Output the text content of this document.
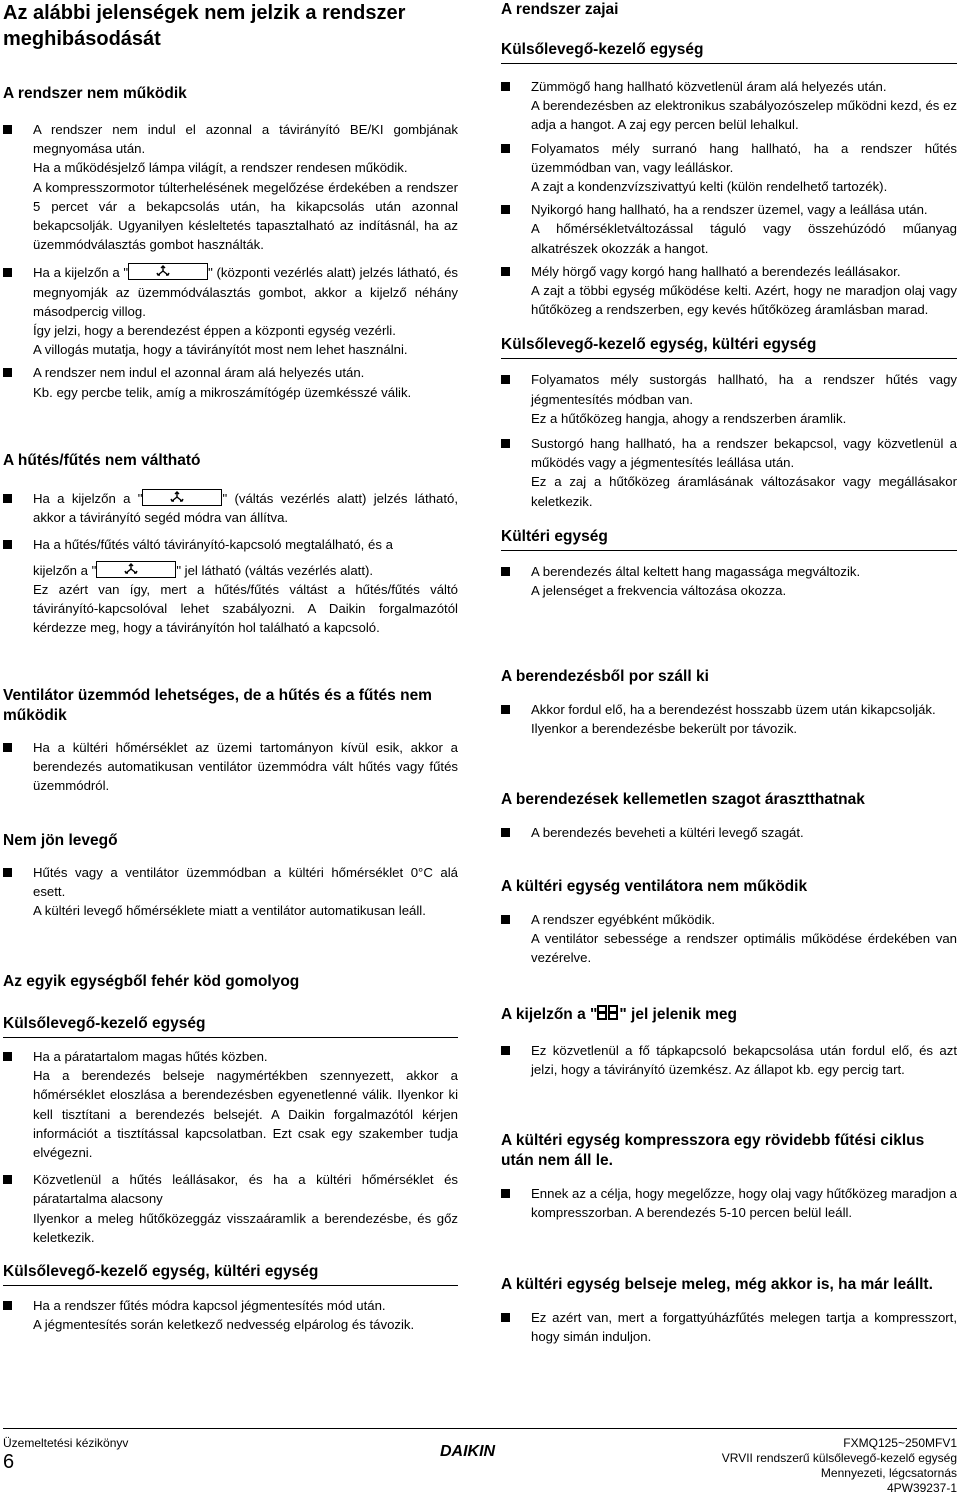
Az alábbi jelenségek nem jelzik a rendszer meghibásodását
A rendszer nem működik

A rendszer nem indul el azonnal a távirányító BE/KI gombjának megnyomása után.

Ha a működésjelző lámpa világít, a rendszer rendesen működik.

A kompresszormotor túlterhelésének megelőzése érdekében a rendszer 5 percet vár a bekapcsolás után, ha kikapcsolás után azonnal bekapcsolják. Ugyanilyen késleltetés tapasztalható az indításnál, ha az üzemmódválasztás gombot használták.

Ha a kijelzőn a "	" (központi vezérlés alatt) jelzés látható, és megnyomják az üzemmódválasztás gombot, akkor a kijelző néhány másodpercig villog.

Így jelzi, hogy a berendezést éppen a központi egység vezérli.

A villogás mutatja, hogy a távirányítót most nem lehet használni.

A rendszer nem indul el azonnal áram alá helyezés után.

Kb. egy percbe telik, amíg a mikroszámítógép üzemkésszé válik.

A hűtés/fűtés nem váltható

Ha a kijelzőn a "	" (váltás vezérlés alatt) jelzés látható, akkor a távirányító segéd módra van állítva.

Ha a hűtés/fűtés váltó távirányító-kapcsoló megtalálható, és a

kijelzőn a "	" jel látható (váltás vezérlés alatt).

Ez azért van így, mert a hűtés/fűtés váltást a hűtés/fűtés váltó távirányító-kapcsolóval lehet szabályozni. A Daikin forgalmazótól kérdezze meg, hogy a távirányítón hol található a kapcsoló.

Ventilátor üzemmód lehetséges, de a hűtés és a fűtés nem működik

Ha a kültéri hőmérséklet az üzemi tartományon kívül esik, akkor a berendezés automatikusan ventilátor üzemmódra vált hűtés vagy fűtés üzemmódról.

Nem jön levegő

Hűtés vagy a ventilátor üzemmódban a kültéri hőmérséklet 0°C alá esett.

A kültéri levegő hőmérséklete miatt a ventilátor automatikusan leáll.

Az egyik egységből fehér köd gomolyog
Külsőlevegő-kezelő egység

Ha a páratartalom magas hűtés közben.

Ha a berendezés belseje nagymértékben szennyezett, akkor a hőmérséklet eloszlása a berendezésben egyenetlenné válik. Ilyenkor ki kell tisztítani a berendezés belsejét. A Daikin forgalmazótól kérjen információt a tisztítással kapcsolatban. Ezt csak egy szakember tudja elvégezni.

Közvetlenül a hűtés leállásakor, és ha a kültéri hőmérséklet és páratartalma alacsony

Ilyenkor a meleg hűtőközeggáz visszaáramlik a berendezésbe, és gőz keletkezik.

Külsőlevegő-kezelő egység, kültéri egység

Ha a rendszer fűtés módra kapcsol jégmentesítés mód után.

A jégmentesítés során keletkező nedvesség elpárolog és távozik.

A rendszer zajai
Külsőlevegő-kezelő egység

Zümmögő hang hallható közvetlenül áram alá helyezés után.

A berendezésben az elektronikus szabályozószelep működni kezd, és ez adja a hangot. A zaj egy percen belül lehalkul.

Folyamatos mély surranó hang hallható, ha a rendszer hűtés üzemmódban van, vagy leálláskor.

A zajt a kondenzvízszivattyú kelti (külön rendelhető tartozék).

Nyikorgó hang hallható, ha a rendszer üzemel, vagy a leállása után.

A hőmérsékletváltozással táguló vagy összehúzódó műanyag alkatrészek okozzák a hangot.

Mély hörgő vagy korgó hang hallható a berendezés leállásakor.

A zajt a többi egység működése kelti. Azért, hogy ne maradjon olaj vagy hűtőközeg a rendszerben, egy kevés hűtőközeg áramlásban marad.

Külsőlevegő-kezelő egység, kültéri egység

Folyamatos mély sustorgás hallható, ha a rendszer hűtés vagy jégmentesítés módban van.

Ez a hűtőközeg hangja, ahogy a rendszerben áramlik.

Sustorgó hang hallható, ha a rendszer bekapcsol, vagy közvetlenül a működés vagy a jégmentesítés leállása után.

Ez a zaj a hűtőközeg áramlásának változásakor vagy megállásakor keletkezik.

Kültéri egység

A berendezés által keltett hang magassága megváltozik.

A jelenséget a frekvencia változása okozza.

A berendezésből por száll ki

Akkor fordul elő, ha a berendezést hosszabb üzem után kikapcsolják.

Ilyenkor a berendezésbe bekerült por távozik.

A berendezések kellemetlen szagot árasztthatnak

A berendezés beveheti a kültéri levegő szagát.

A kültéri egység ventilátora nem működik

A rendszer egyébként működik.

A ventilátor sebessége a rendszer optimális működése érdekében van vezérelve.

A kijelzőn a " " jel jelenik meg

Ez közvetlenül a fő tápkapcsoló bekapcsolása után fordul elő, és azt jelzi, hogy a távirányító üzemkész. Az állapot kb. egy percig tart.

A kültéri egység kompresszora egy rövidebb fűtési ciklus után nem áll le.

Ennek az a célja, hogy megelőzze, hogy olaj vagy hűtőközeg maradjon a kompresszorban. A berendezés 5-10 percen belül leáll.

A kültéri egység belseje meleg, még akkor is, ha már leállt.

Ez azért van, mert a forgattyúházfűtés melegen tartja a kompresszort, hogy simán induljon.

Üzemeltetési kézikönyv
6	DAIKIN	FXMQ125~250MFV1
VRVII rendszerű külsőlevegő-kezelő egység
Mennyezeti, légcsatornás
4PW39237-1
